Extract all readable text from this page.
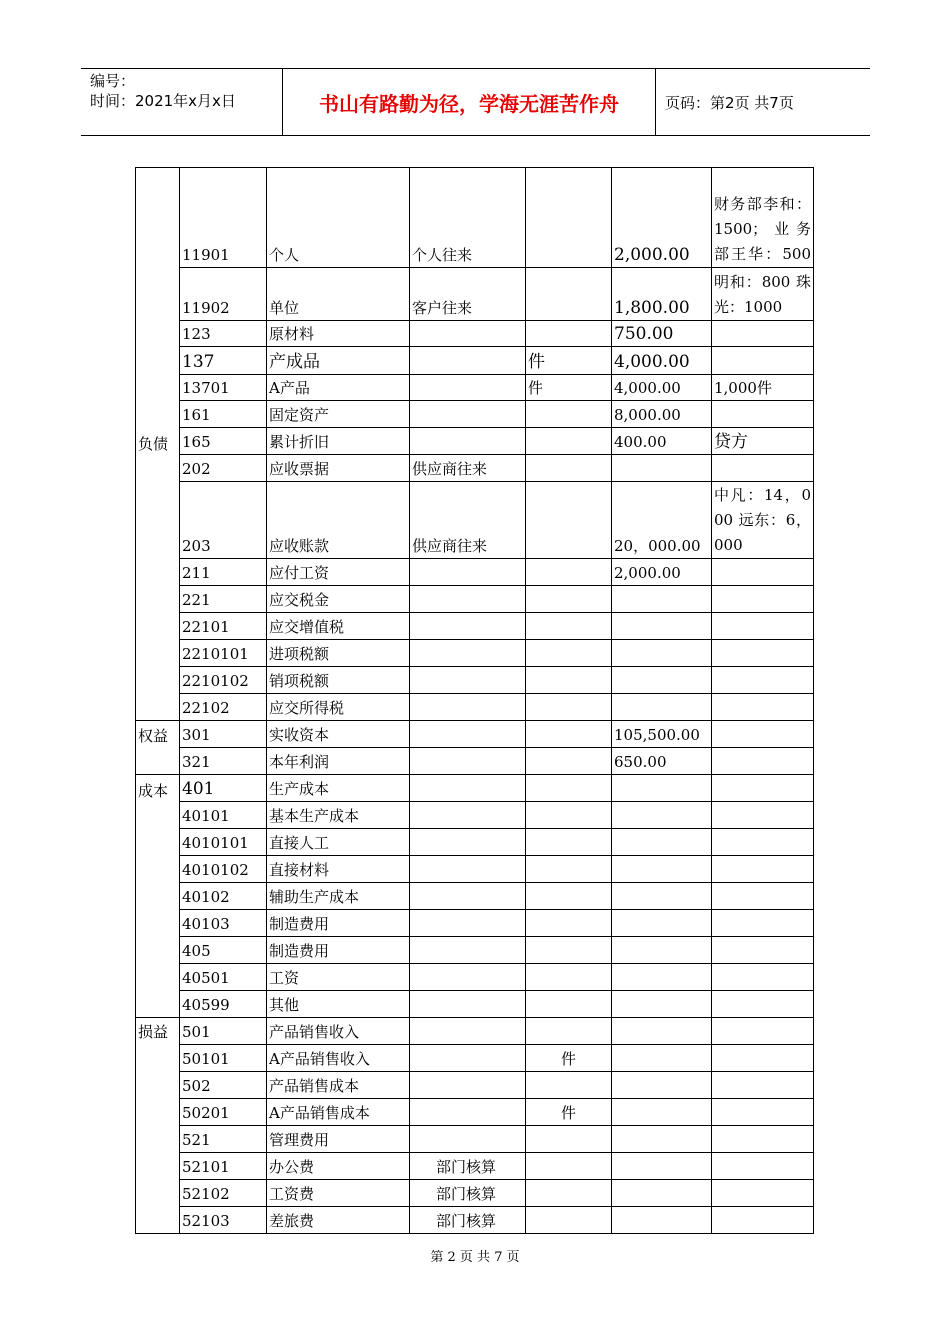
编号：
时间：2021年x月x日	书山有路勤为径，学海无涯苦作舟	页码：第2页 共7页
负债	11901	个人	个人往来		2,000.00	财务部李和：1500；业务部王华：500
	11902	单位	客户往来		1,800.00	明和：800 珠光：1000
	123	原材料			750.00	
	137	产成品		件	4,000.00	
	13701	A产品		件	4,000.00	1,000件
	161	固定资产			8,000.00	
	165	累计折旧			400.00	贷方
	202	应收票据	供应商往来			
	203	应收账款	供应商往来		20，000.00	中凡：14，000 远东：6，000
	211	应付工资			2,000.00	
	221	应交税金				
	22101	应交增值税				
	2210101	进项税额				
	2210102	销项税额				
	22102	应交所得税				
权益	301	实收资本			105,500.00	
	321	本年利润			650.00	
成本	401	生产成本				
	40101	基本生产成本				
	4010101	直接人工				
	4010102	直接材料				
	40102	辅助生产成本				
	40103	制造费用				
	405	制造费用				
	40501	工资				
	40599	其他				
损益	501	产品销售收入				
	50101	A产品销售收入		件		
	502	产品销售成本				
	50201	A产品销售成本		件		
	521	管理费用				
	52101	办公费	部门核算			
	52102	工资费	部门核算			
	52103	差旅费	部门核算			
第 2 页 共 7 页
